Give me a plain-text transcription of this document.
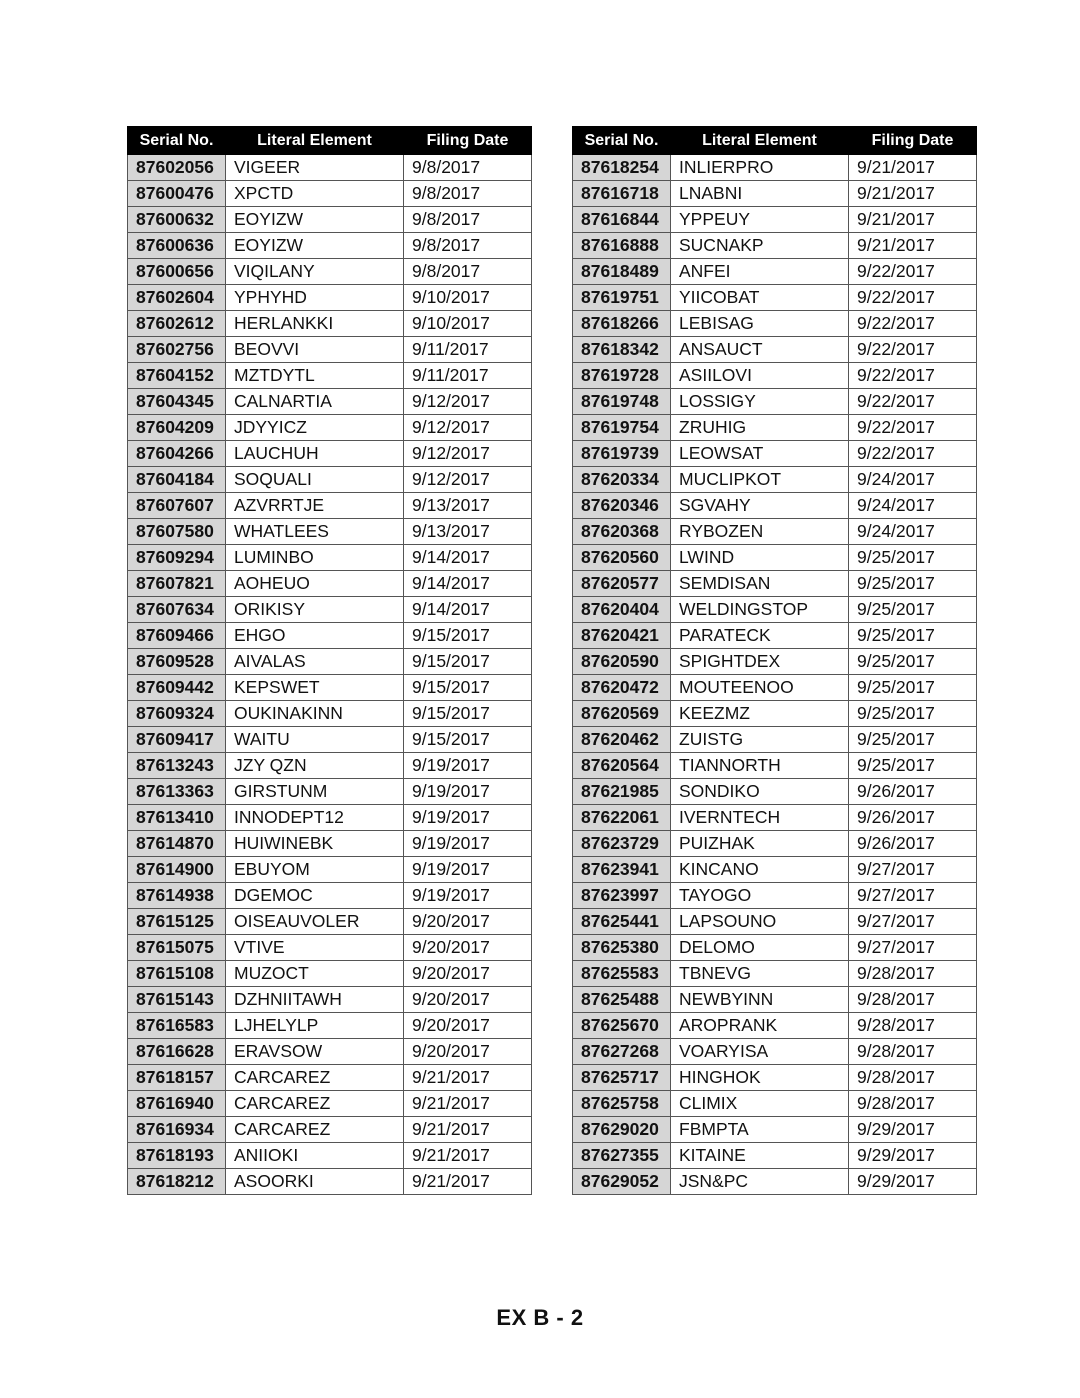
Serial No.	Literal Element	Filing Date
87602056	VIGEER	9/8/2017
87600476	XPCTD	9/8/2017
87600632	EOYIZW	9/8/2017
87600636	EOYIZW	9/8/2017
87600656	VIQILANY	9/8/2017
87602604	YPHYHD	9/10/2017
87602612	HERLANKKI	9/10/2017
87602756	BEOVVI	9/11/2017
87604152	MZTDYTL	9/11/2017
87604345	CALNARTIA	9/12/2017
87604209	JDYYICZ	9/12/2017
87604266	LAUCHUH	9/12/2017
87604184	SOQUALI	9/12/2017
87607607	AZVRRTJE	9/13/2017
87607580	WHATLEES	9/13/2017
87609294	LUMINBO	9/14/2017
87607821	AOHEUO	9/14/2017
87607634	ORIKISY	9/14/2017
87609466	EHGO	9/15/2017
87609528	AIVALAS	9/15/2017
87609442	KEPSWET	9/15/2017
87609324	OUKINAKINN	9/15/2017
87609417	WAITU	9/15/2017
87613243	JZY QZN	9/19/2017
87613363	GIRSTUNM	9/19/2017
87613410	INNODEPT12	9/19/2017
87614870	HUIWINEBK	9/19/2017
87614900	EBUYOM	9/19/2017
87614938	DGEMOC	9/19/2017
87615125	OISEAUVOLER	9/20/2017
87615075	VTIVE	9/20/2017
87615108	MUZOCT	9/20/2017
87615143	DZHNIITAWH	9/20/2017
87616583	LJHELYLP	9/20/2017
87616628	ERAVSOW	9/20/2017
87618157	CARCAREZ	9/21/2017
87616940	CARCAREZ	9/21/2017
87616934	CARCAREZ	9/21/2017
87618193	ANIIOKI	9/21/2017
87618212	ASOORKI	9/21/2017
Serial No.	Literal Element	Filing Date
87618254	INLIERPRO	9/21/2017
87616718	LNABNI	9/21/2017
87616844	YPPEUY	9/21/2017
87616888	SUCNAKP	9/21/2017
87618489	ANFEI	9/22/2017
87619751	YIICOBAT	9/22/2017
87618266	LEBISAG	9/22/2017
87618342	ANSAUCT	9/22/2017
87619728	ASIILOVI	9/22/2017
87619748	LOSSIGY	9/22/2017
87619754	ZRUHIG	9/22/2017
87619739	LEOWSAT	9/22/2017
87620334	MUCLIPKOT	9/24/2017
87620346	SGVAHY	9/24/2017
87620368	RYBOZEN	9/24/2017
87620560	LWIND	9/25/2017
87620577	SEMDISAN	9/25/2017
87620404	WELDINGSTOP	9/25/2017
87620421	PARATECK	9/25/2017
87620590	SPIGHTDEX	9/25/2017
87620472	MOUTEENOO	9/25/2017
87620569	KEEZMZ	9/25/2017
87620462	ZUISTG	9/25/2017
87620564	TIANNORTH	9/25/2017
87621985	SONDIKO	9/26/2017
87622061	IVERNTECH	9/26/2017
87623729	PUIZHAK	9/26/2017
87623941	KINCANO	9/27/2017
87623997	TAYOGO	9/27/2017
87625441	LAPSOUNO	9/27/2017
87625380	DELOMO	9/27/2017
87625583	TBNEVG	9/28/2017
87625488	NEWBYINN	9/28/2017
87625670	AROPRANK	9/28/2017
87627268	VOARYISA	9/28/2017
87625717	HINGHOK	9/28/2017
87625758	CLIMIX	9/28/2017
87629020	FBMPTA	9/29/2017
87627355	KITAINE	9/29/2017
87629052	JSN&PC	9/29/2017
EX B - 2
